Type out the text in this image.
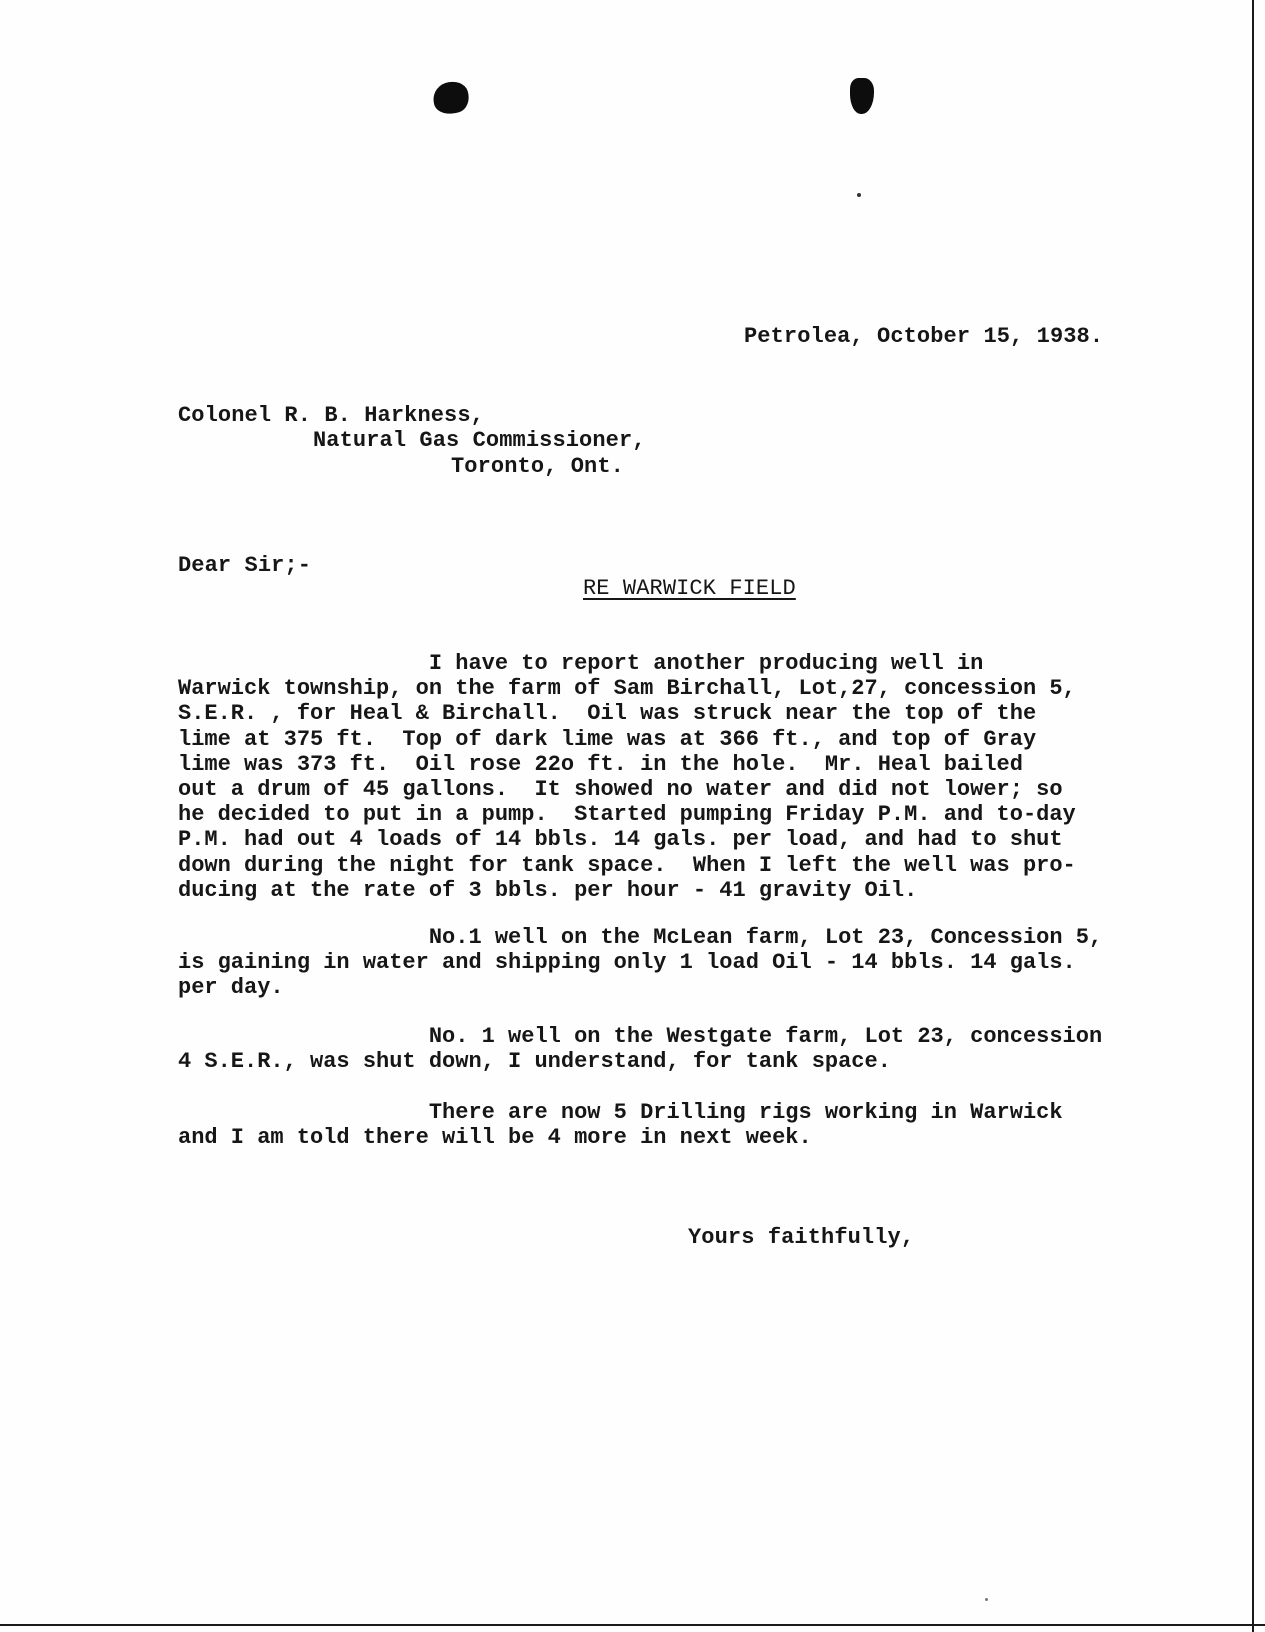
Petrolea, October 15, 1938.
Colonel R. B. Harkness,
Natural Gas Commissioner,
Toronto, Ont.
Dear Sir;-
RE WARWICK FIELD
I have to report another producing well in
Warwick township, on the farm of Sam Birchall, Lot,27, concession 5,
S.E.R. , for Heal & Birchall.  Oil was struck near the top of the
lime at 375 ft.  Top of dark lime was at 366 ft., and top of Gray
lime was 373 ft.  Oil rose 22o ft. in the hole.  Mr. Heal bailed
out a drum of 45 gallons.  It showed no water and did not lower; so
he decided to put in a pump.  Started pumping Friday P.M. and to-day
P.M. had out 4 loads of 14 bbls. 14 gals. per load, and had to shut
down during the night for tank space.  When I left the well was pro-
ducing at the rate of 3 bbls. per hour - 41 gravity Oil.
No.1 well on the McLean farm, Lot 23, Concession 5,
is gaining in water and shipping only 1 load Oil - 14 bbls. 14 gals.
per day.
No. 1 well on the Westgate farm, Lot 23, concession
4 S.E.R., was shut down, I understand, for tank space.
There are now 5 Drilling rigs working in Warwick
and I am told there will be 4 more in next week.
Yours faithfully,
